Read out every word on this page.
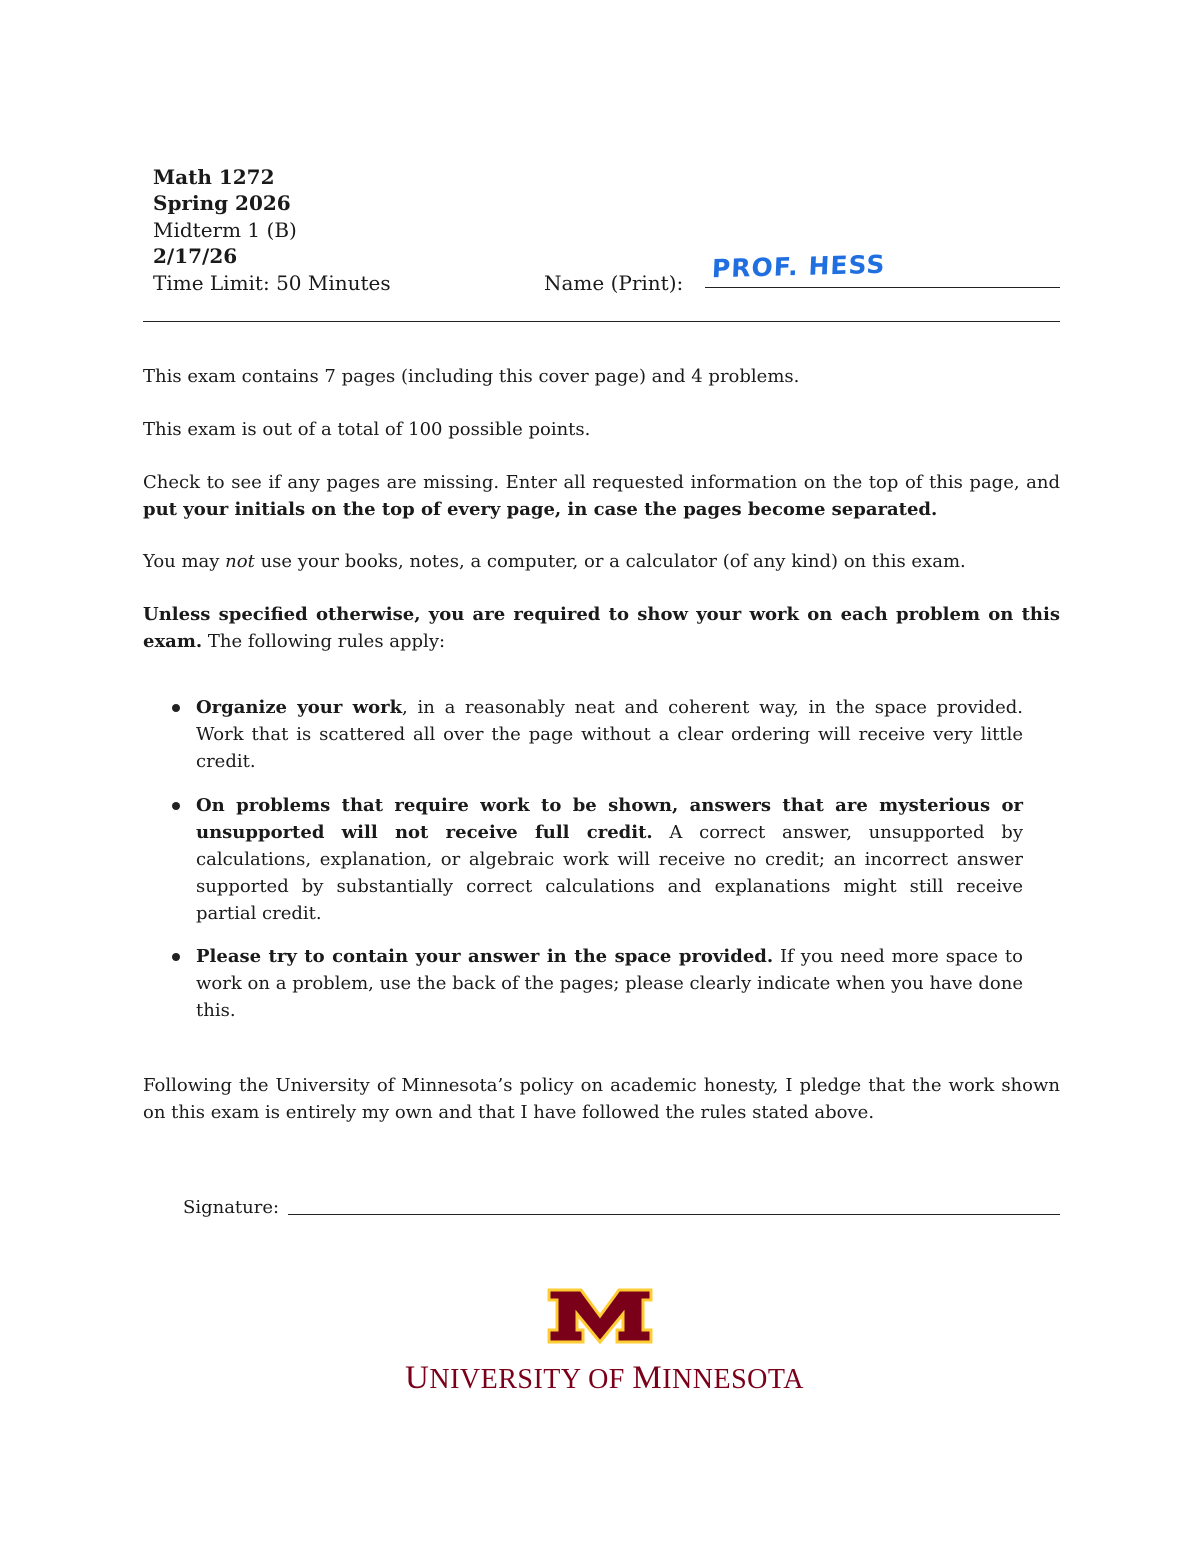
Math 1272
Spring 2026
Midterm 1 (B)
2/17/26
Time Limit: 50 Minutes	Name (Print): PROF. HESS

This exam contains 7 pages (including this cover page) and 4 problems.

This exam is out of a total of 100 possible points.

Check to see if any pages are missing. Enter all requested information on the top of this page, and put your initials on the top of every page, in case the pages become separated.

You may not use your books, notes, a computer, or a calculator (of any kind) on this exam.

Unless specified otherwise, you are required to show your work on each problem on this exam. The following rules apply:

Organize your work, in a reasonably neat and coherent way, in the space provided. Work that is scattered all over the page without a clear ordering will receive very little credit.
On problems that require work to be shown, answers that are mysterious or unsupported will not receive full credit. A correct answer, unsupported by calculations, explanation, or algebraic work will receive no credit; an incorrect answer supported by substantially correct calculations and explanations might still receive partial credit.
Please try to contain your answer in the space provided. If you need more space to work on a problem, use the back of the pages; please clearly indicate when you have done this.

Following the University of Minnesota’s policy on academic honesty, I pledge that the work shown on this exam is entirely my own and that I have followed the rules stated above.

Signature:
UNIVERSITY OF MINNESOTA
